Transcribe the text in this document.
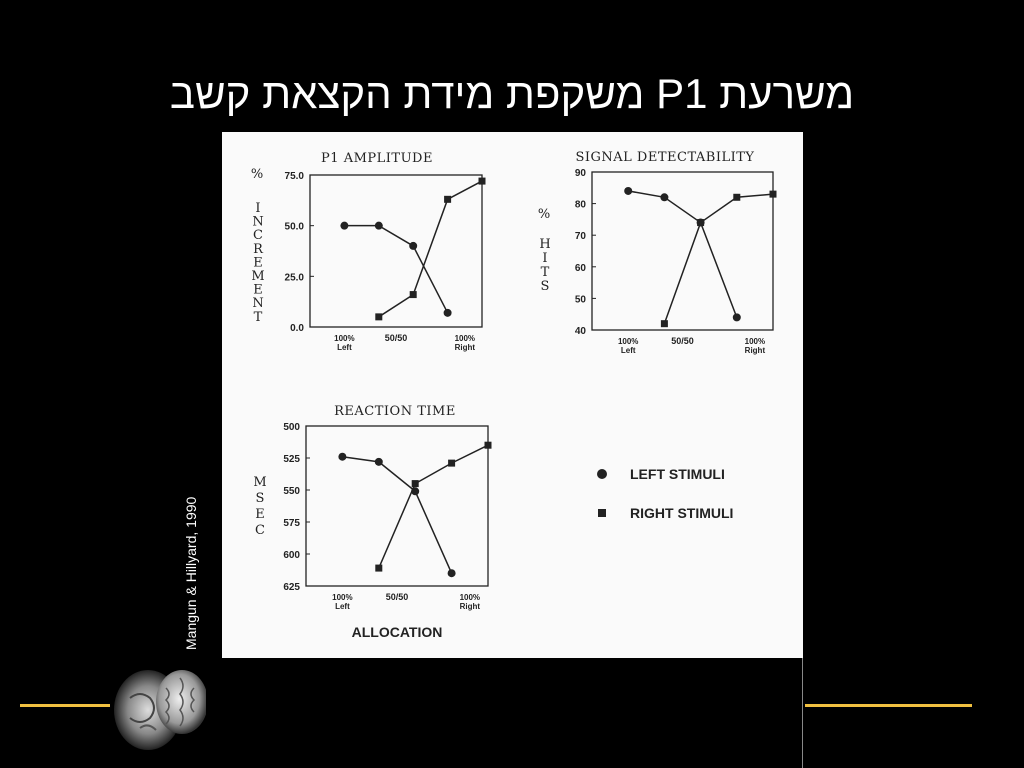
משרעת P1 משקפת מידת הקצאת קשב
P1 AMPLITUDE
%
I N C R E M E N T
75.0
50.0
25.0
0.0
100%
Left
50/50	100%
Right
SIGNAL DETECTABILITY
%
H I T S
90
80
70
60
50
40
100%
Left
50/50	100%
Right
REACTION TIME
M S E C
500
525
550
575
600
625
100%
Left
50/50	100%
Right
ALLOCATION
LEFT STIMULI
RIGHT STIMULI
Mangun & Hillyard, 1990
